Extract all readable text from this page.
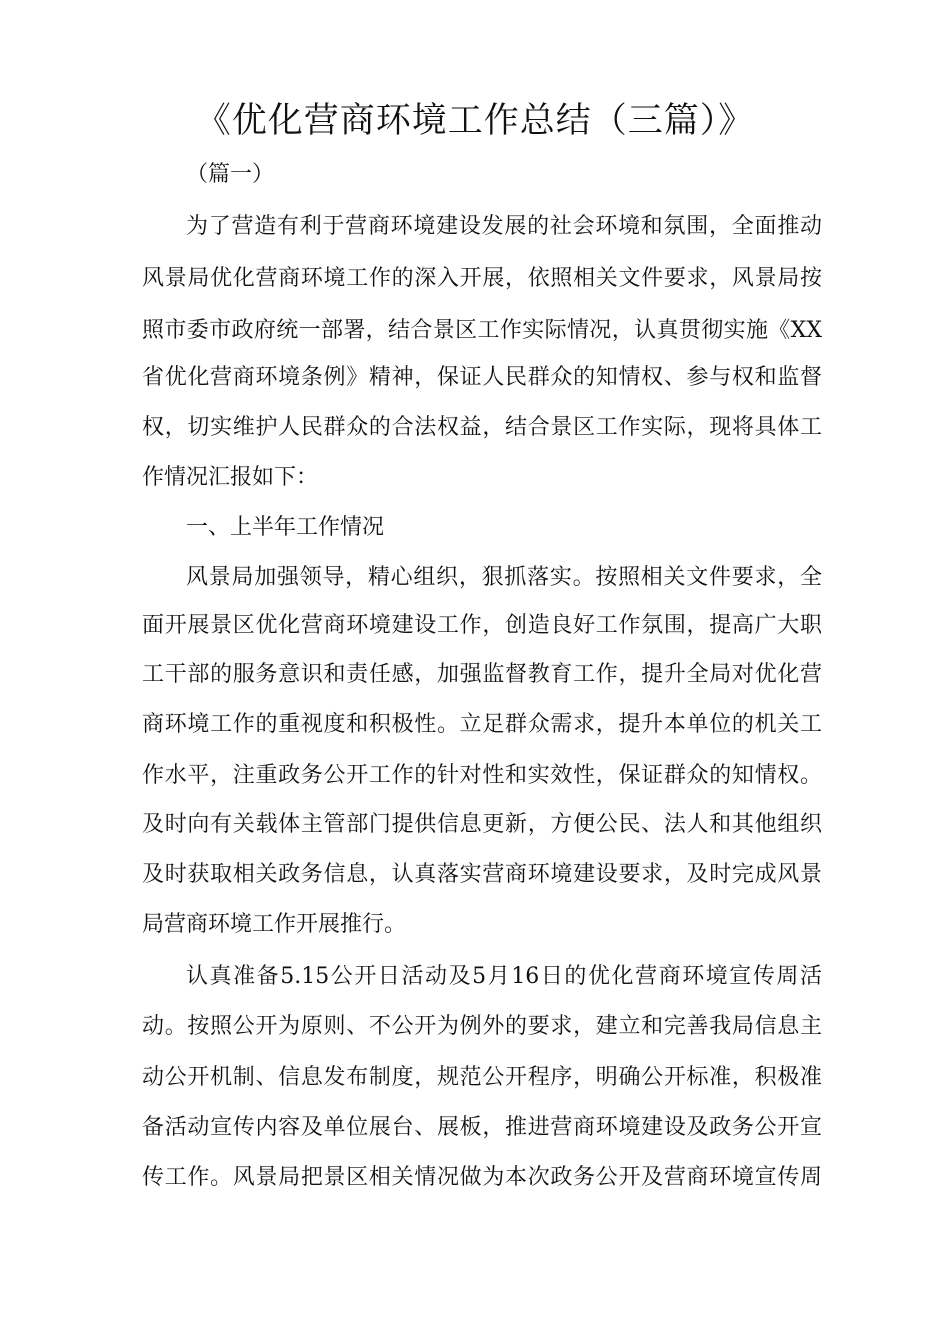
《优化营商环境工作总结（三篇）》
（篇一）
为了营造有利于营商环境建设发展的社会环境和氛围，全面推动
风景局优化营商环境工作的深入开展，依照相关文件要求，风景局按
照市委市政府统一部署，结合景区工作实际情况，认真贯彻实施《XX
省优化营商环境条例》精神，保证人民群众的知情权、参与权和监督
权，切实维护人民群众的合法权益，结合景区工作实际，现将具体工
作情况汇报如下：
一、上半年工作情况
风景局加强领导，精心组织，狠抓落实。按照相关文件要求，全
面开展景区优化营商环境建设工作，创造良好工作氛围，提高广大职
工干部的服务意识和责任感，加强监督教育工作，提升全局对优化营
商环境工作的重视度和积极性。立足群众需求，提升本单位的机关工
作水平，注重政务公开工作的针对性和实效性，保证群众的知情权。
及时向有关载体主管部门提供信息更新，方便公民、法人和其他组织
及时获取相关政务信息，认真落实营商环境建设要求，及时完成风景
局营商环境工作开展推行。
认真准备5.15公开日活动及5月16日的优化营商环境宣传周活
动。按照公开为原则、不公开为例外的要求，建立和完善我局信息主
动公开机制、信息发布制度，规范公开程序，明确公开标准，积极准
备活动宣传内容及单位展台、展板，推进营商环境建设及政务公开宣
传工作。风景局把景区相关情况做为本次政务公开及营商环境宣传周
